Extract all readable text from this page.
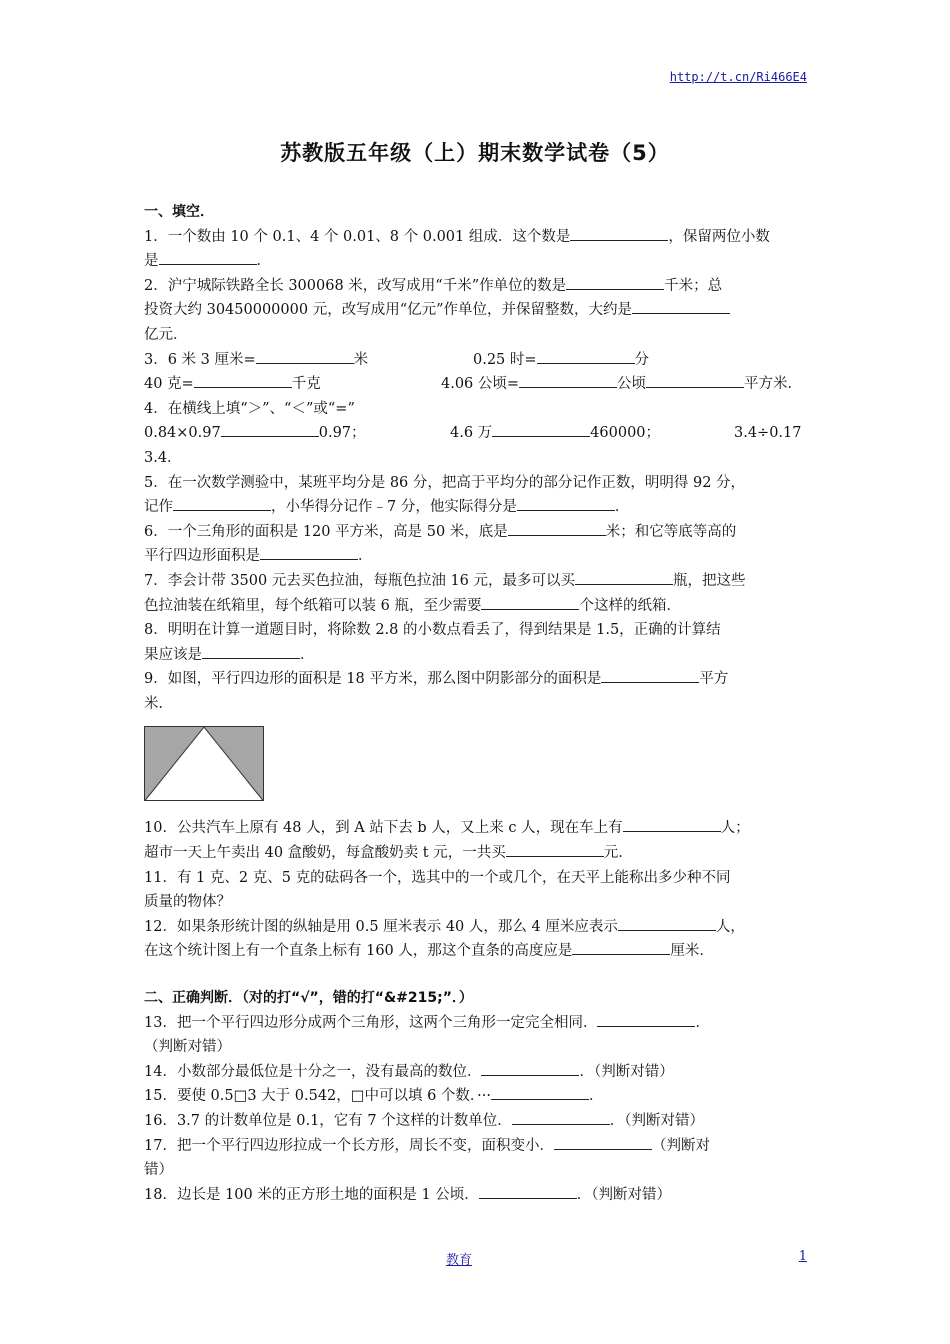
http://t.cn/Ri466E4
苏教版五年级（上）期末数学试卷（5）

一、填空．

1．一个数由 10 个 0.1、4 个 0.01、8 个 0.001 组成．这个数是	，保留两位小数
是	．

2．沪宁城际铁路全长 300068 米，改写成用“千米”作单位的数是	千米；总
投资大约 30450000000 元，改写成用“亿元”作单位，并保留整数，大约是
亿元．

3．6 米 3 厘米=	米	0.25 时=	分
40 克=	千克	4.06 公顷=	公顷	平方米．

4．在横线上填“＞”、“＜”或“=”

0.84×0.97	0.97；	4.6 万	460000；	3.4÷0.17

3.4．

5．在一次数学测验中，某班平均分是 86 分，把高于平均分的部分记作正数，明明得 92 分，
记作	，小华得分记作﹣7 分，他实际得分是	．

6．一个三角形的面积是 120 平方米，高是 50 米，底是	米；和它等底等高的
平行四边形面积是	．

7．李会计带 3500 元去买色拉油，每瓶色拉油 16 元，最多可以买	瓶，把这些
色拉油装在纸箱里，每个纸箱可以装 6 瓶，至少需要	个这样的纸箱．

8．明明在计算一道题目时，将除数 2.8 的小数点看丢了，得到结果是 1.5，正确的计算结
果应该是	．

9．如图，平行四边形的面积是 18 平方米，那么图中阴影部分的面积是	平方
米．

10．公共汽车上原有 48 人，到 A 站下去 b 人，又上来 c 人，现在车上有	人；
超市一天上午卖出 40 盒酸奶，每盒酸奶卖 t 元，一共买	元．

11．有 1 克、2 克、5 克的砝码各一个，选其中的一个或几个，在天平上能称出多少种不同
质量的物体？

12．如果条形统计图的纵轴是用 0.5 厘米表示 40 人，那么 4 厘米应表示	人，
在这个统计图上有一个直条上标有 160 人，那这个直条的高度应是	厘米．

二、正确判断．（对的打“√”，错的打“&#215;”．）

13．把一个平行四边形分成两个三角形，这两个三角形一定完全相同．	．
（判断对错）

14．小数部分最低位是十分之一，没有最高的数位．	．（判断对错）

15．要使 0.5□3 大于 0.542，□中可以填 6 个数．···	．

16．3.7 的计数单位是 0.1，它有 7 个这样的计数单位．	．（判断对错）

17．把一个平行四边形拉成一个长方形，周长不变，面积变小．	（判断对
错）

18．边长是 100 米的正方形土地的面积是 1 公顷．	．（判断对错）

教育	1
